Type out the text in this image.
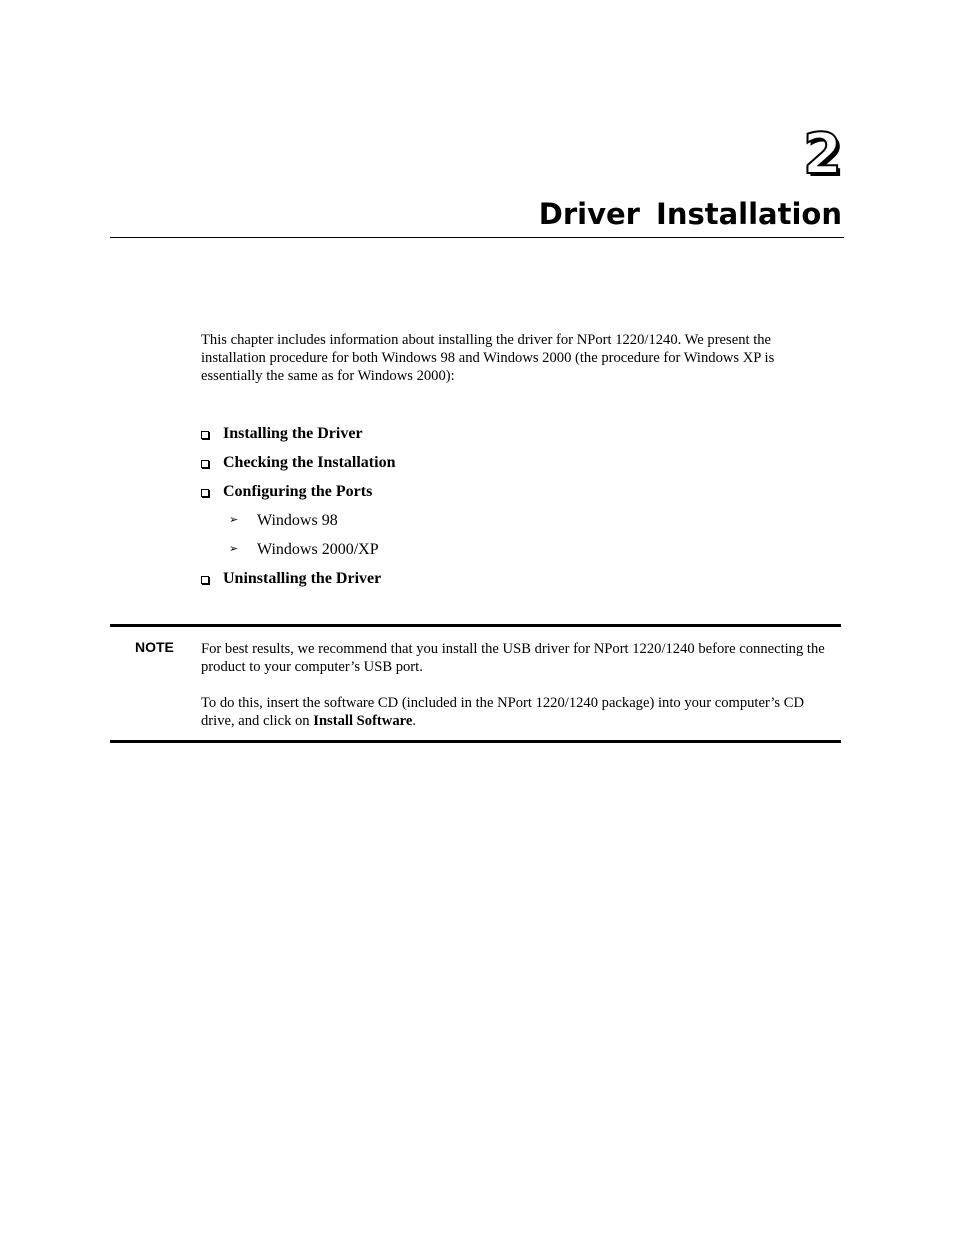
2
Driver Installation

This chapter includes information about installing the driver for NPort 1220/1240. We present the installation procedure for both Windows 98 and Windows 2000 (the procedure for Windows XP is essentially the same as for Windows 2000):

Installing the Driver
Checking the Installation
Configuring the Ports
➢	Windows 98
➢	Windows 2000/XP
Uninstalling the Driver
NOTE For best results, we recommend that you install the USB driver for NPort 1220/1240 before connecting the product to your computer’s USB port.

To do this, insert the software CD (included in the NPort 1220/1240 package) into your computer’s CD drive, and click on Install Software.
